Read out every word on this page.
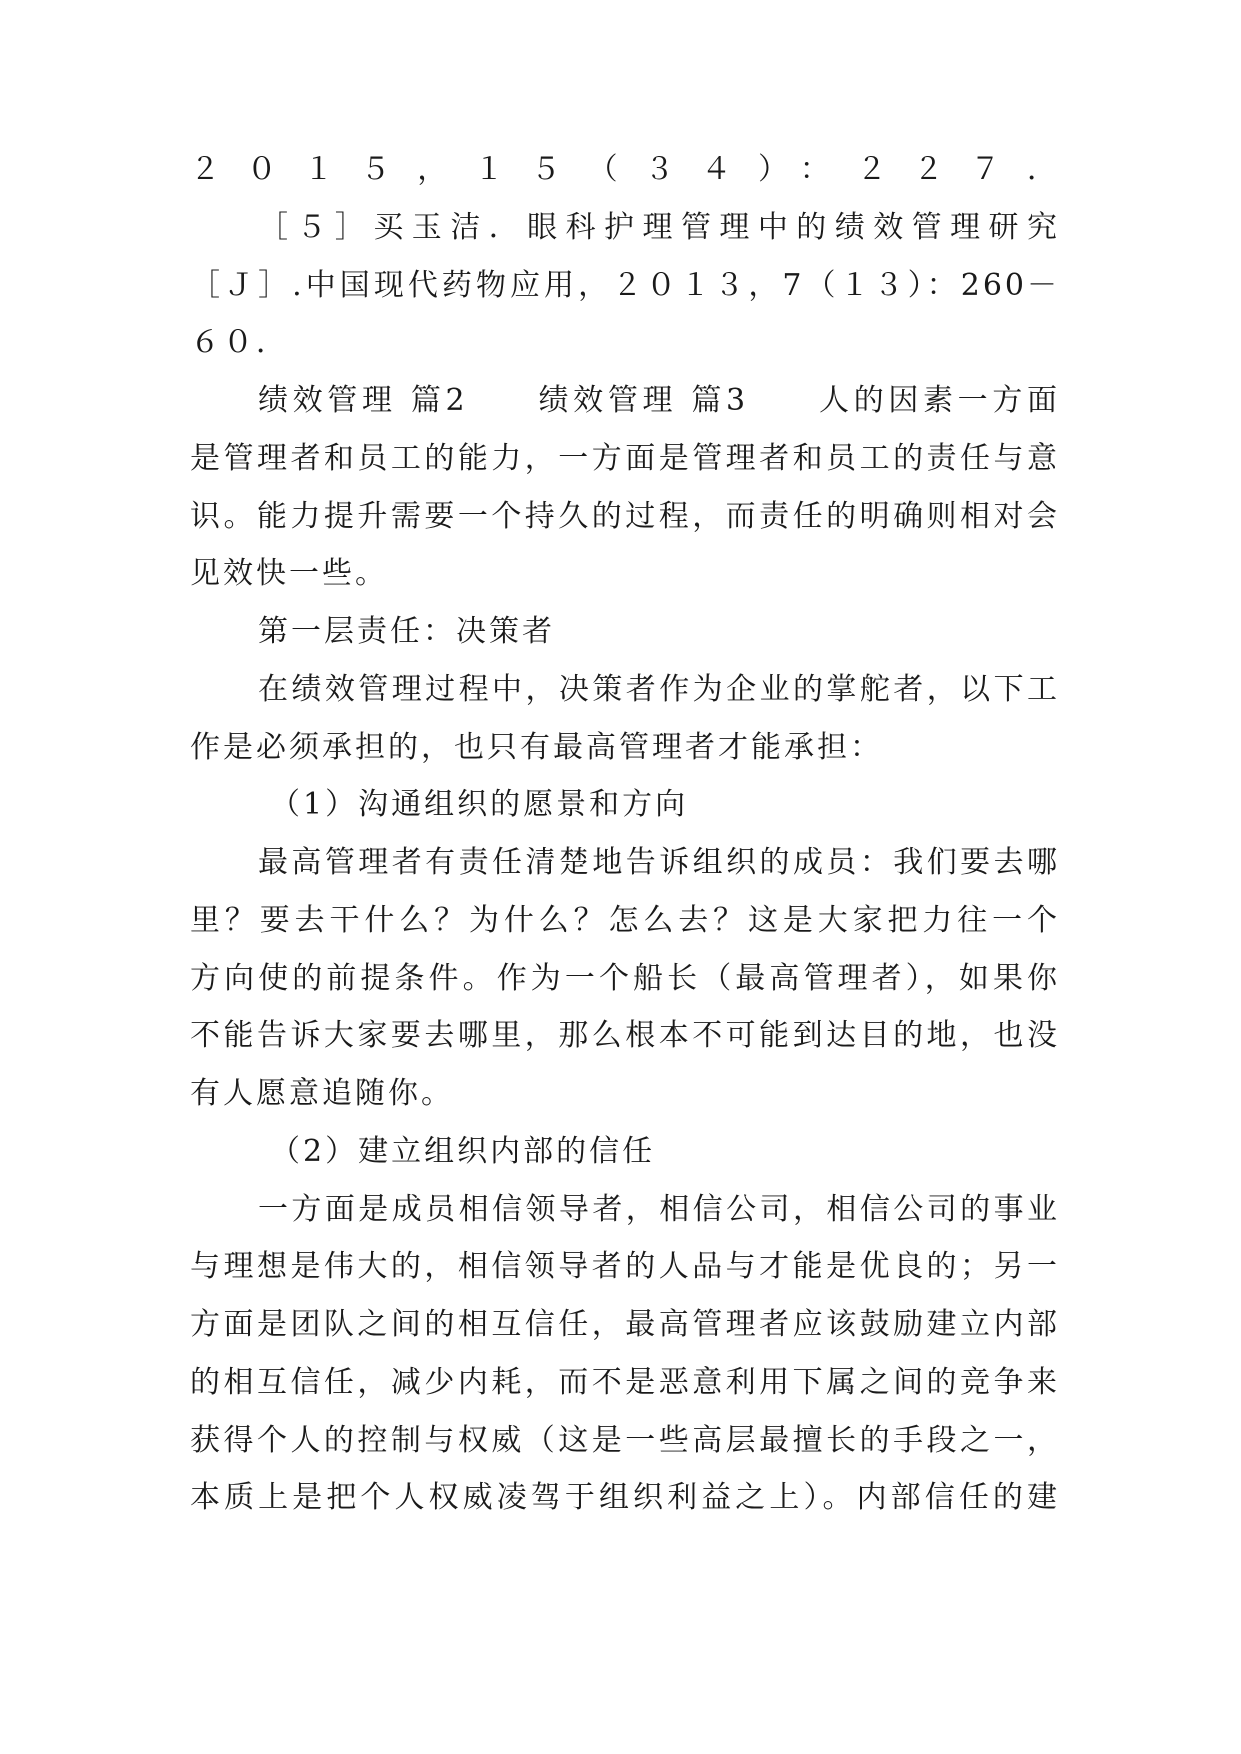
２０１５，１５（３４）：２２７．
［５］买玉洁．眼科护理管理中的绩效管理研究
［Ｊ］.中国现代药物应用，２０１３，7（１３）：260－
６０．
绩效管理 篇2　　绩效管理 篇3　　人的因素一方面
是管理者和员工的能力，一方面是管理者和员工的责任与意
识。能力提升需要一个持久的过程，而责任的明确则相对会
见效快一些。
第一层责任：决策者
在绩效管理过程中，决策者作为企业的掌舵者，以下工
作是必须承担的，也只有最高管理者才能承担：
（1）沟通组织的愿景和方向
最高管理者有责任清楚地告诉组织的成员：我们要去哪
里？要去干什么？为什么？怎么去？这是大家把力往一个
方向使的前提条件。作为一个船长（最高管理者），如果你
不能告诉大家要去哪里，那么根本不可能到达目的地，也没
有人愿意追随你。
（2）建立组织内部的信任
一方面是成员相信领导者，相信公司，相信公司的事业
与理想是伟大的，相信领导者的人品与才能是优良的；另一
方面是团队之间的相互信任，最高管理者应该鼓励建立内部
的相互信任，减少内耗，而不是恶意利用下属之间的竞争来
获得个人的控制与权威（这是一些高层最擅长的手段之一，
本质上是把个人权威凌驾于组织利益之上）。内部信任的建
